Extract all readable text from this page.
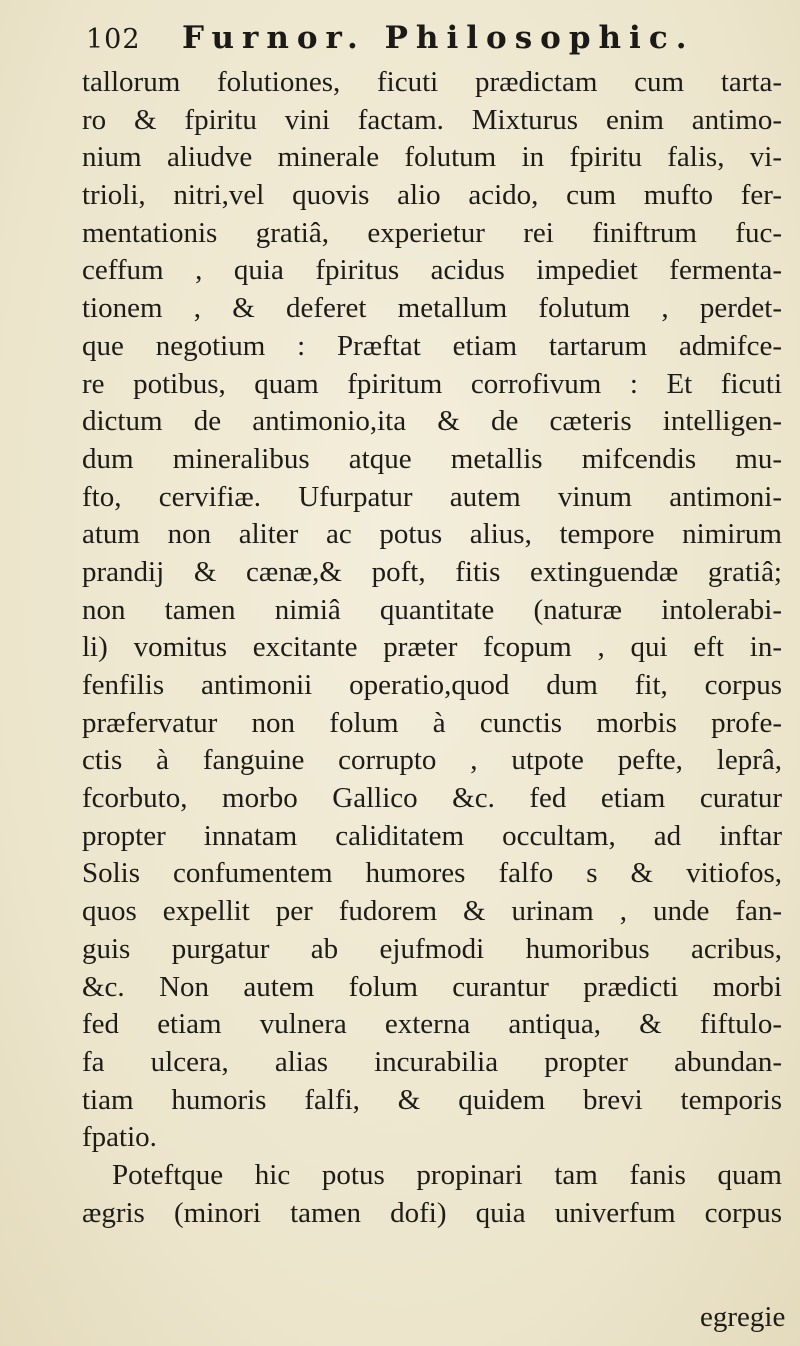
102 Furnor. Philosophic.
tallorum folutiones, ficuti prædictam cum tarta-
ro & fpiritu vini factam. Mixturus enim antimo-
nium aliudve minerale folutum in fpiritu falis, vi-
trioli, nitri,vel quovis alio acido, cum mufto fer-
mentationis gratiâ, experietur rei finiftrum fuc-
ceffum , quia fpiritus acidus impediet fermenta-
tionem , & deferet metallum folutum , perdet-
que negotium : Præftat etiam tartarum admifce-
re potibus, quam fpiritum corrofivum : Et ficuti
dictum de antimonio,ita & de cæteris intelligen-
dum mineralibus atque metallis mifcendis mu-
fto, cervifiæ. Ufurpatur autem vinum antimoni-
atum non aliter ac potus alius, tempore nimirum
prandij & cænæ,& poft, fitis extinguendæ gratiâ;
non tamen nimiâ quantitate (naturæ intolerabi-
li) vomitus excitante præter fcopum , qui eft in-
fenfilis antimonii operatio,quod dum fit, corpus
præfervatur non folum à cunctis morbis profe-
ctis à fanguine corrupto , utpote pefte, leprâ,
fcorbuto, morbo Gallico &c. fed etiam curatur
propter innatam caliditatem occultam, ad inftar
Solis confumentem humores falfo s & vitiofos,
quos expellit per fudorem & urinam , unde fan-
guis purgatur ab ejufmodi humoribus acribus,
&c. Non autem folum curantur prædicti morbi
fed etiam vulnera externa antiqua, & fiftulo-
fa ulcera, alias incurabilia propter abundan-
tiam humoris falfi, & quidem brevi temporis
fpatio.
Poteftque hic potus propinari tam fanis quam
ægris (minori tamen dofi) quia univerfum corpus
egregie
